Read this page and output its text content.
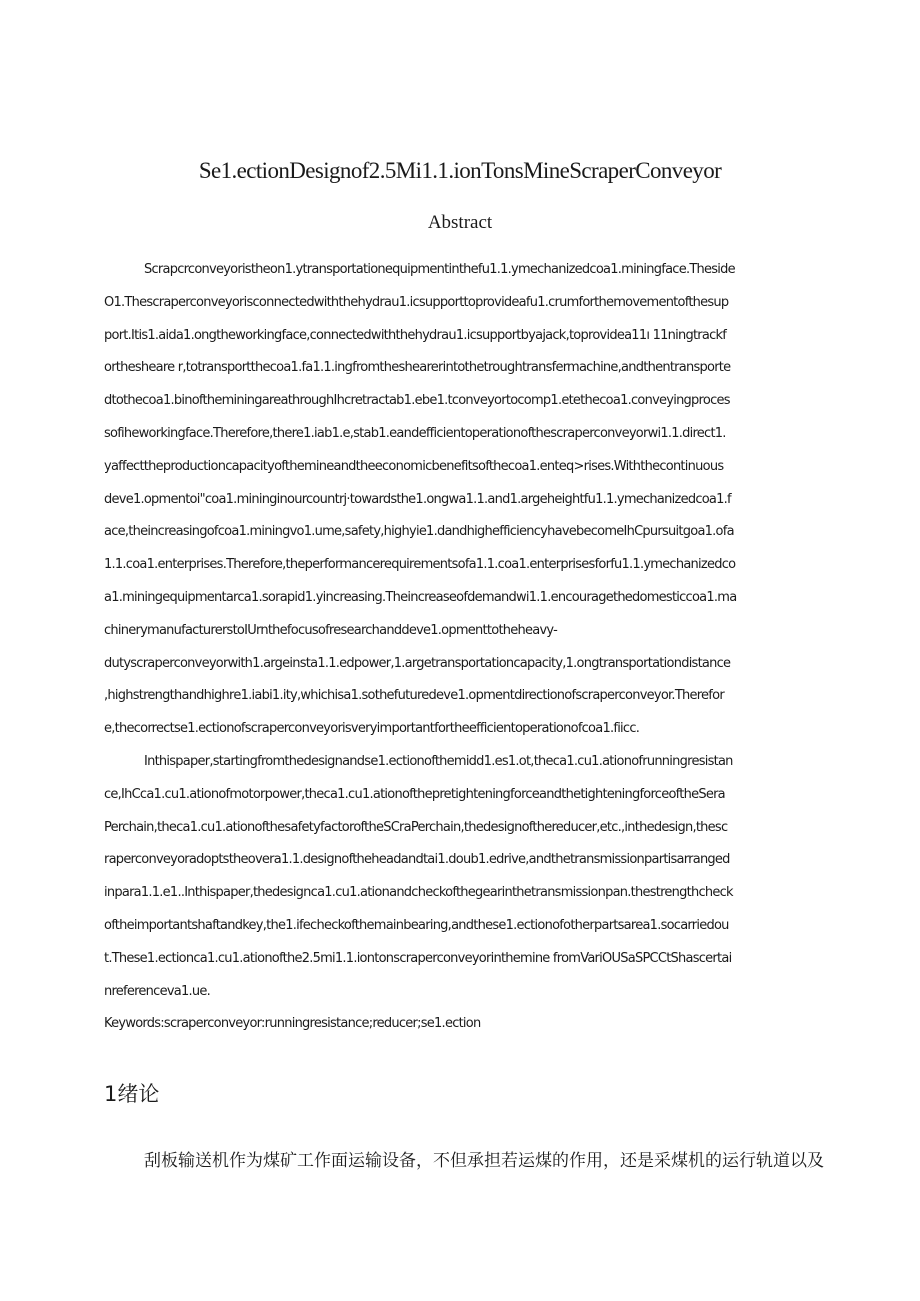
Se1.ectionDesignof2.5Mi1.1.ionTonsMineScraperConveyor
Abstract
Scrapcrconveyoristheon1.ytransportationequipmentinthefu1.1.ymechanizedcoa1.miningface.Theside
O1.Thescraperconveyorisconnectedwiththehydrau1.icsupporttoprovideafu1.crumforthemovementofthesup
port.Itis1.aida1.ongtheworkingface,connectedwiththehydrau1.icsupportbyajack,toprovidea11ı 11ningtrackf
orthesheare r,totransportthecoa1.fa1.1.ingfromtheshearerintothetroughtransfermachine,andthentransporte
dtothecoa1.binoftheminingareathroughIhcretractab1.ebe1.tconveyortocomp1.etethecoa1.conveyingproces
sofiheworkingface.Therefore,there1.iab1.e,stab1.eandefficientoperationofthescraperconveyorwi1.1.direct1.
yaffecttheproductioncapacityofthemineandtheeconomicbenefitsofthecoa1.enteq>rises.Withthecontinuous
deve1.opmentoi"coa1.mininginourcountrj·towardsthe1.ongwa1.1.and1.argeheightfu1.1.ymechanizedcoa1.f
ace,theincreasingofcoa1.miningvo1.ume,safety,highyie1.dandhighefficiencyhavebecomeIhCpursuitgoa1.ofa
1.1.coa1.enterprises.Therefore,theperformancerequirementsofa1.1.coa1.enterprisesforfu1.1.ymechanizedco
a1.miningequipmentarca1.sorapid1.yincreasing.Theincreaseofdemandwi1.1.encouragethedomesticcoa1.ma
chinerymanufacturerstoIUrnthefocusofresearchanddeve1.opmenttotheheavy-
dutyscraperconveyorwith1.argeinsta1.1.edpower,1.argetransportationcapacity,1.ongtransportationdistance
,highstrengthandhighre1.iabi1.ity,whichisa1.sothefuturedeve1.opmentdirectionofscraperconveyor.Therefor
e,thecorrectse1.ectionofscraperconveyorisveryimportantfortheefficientoperationofcoa1.fiicc.
Inthispaper,startingfromthedesignandse1.ectionofthemidd1.es1.ot,theca1.cu1.ationofrunningresistan
ce,IhCca1.cu1.ationofmotorpower,theca1.cu1.ationofthepretighteningforceandthetighteningforceoftheSera
Perchain,theca1.cu1.ationofthesafetyfactoroftheSCraPerchain,thedesignofthereducer,etc.,inthedesign,thesc
raperconveyoradoptstheovera1.1.designoftheheadandtai1.doub1.edrive,andthetransmissionpartisarranged
inpara1.1.e1..Inthispaper,thedesignca1.cu1.ationandcheckofthegearinthetransmissionpan.thestrengthcheck
oftheimportantshaftandkey,the1.ifecheckofthemainbearing,andthese1.ectionofotherpartsarea1.socarriedou
t.These1.ectionca1.cu1.ationofthe2.5mi1.1.iontonscraperconveyorinthemine fromVariOUSaSPCCtShascertai
nreferenceva1.ue.
Keywords:scraperconveyor:runningresistance;reducer;se1.ection
1绪论
刮板输送机作为煤矿工作面运输设备，不但承担若运煤的作用，还是采煤机的运行轨道以及
